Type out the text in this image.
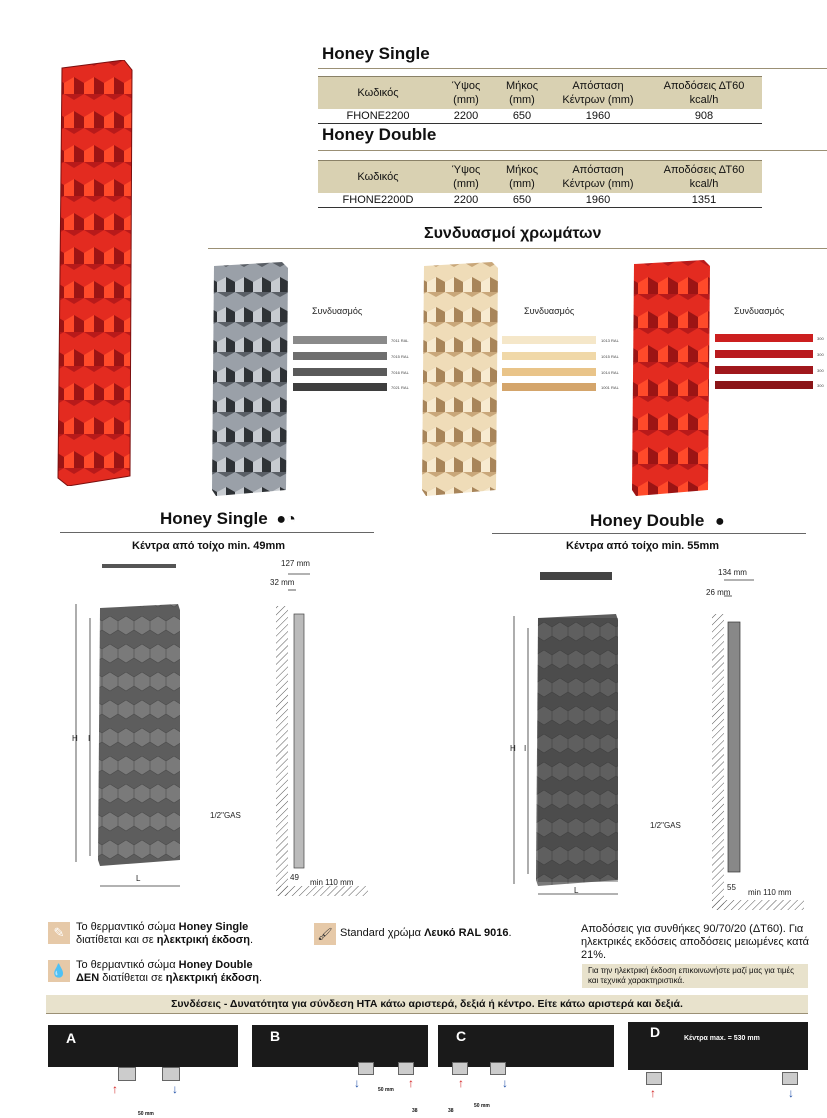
Honey Single
Κωδικός	Ύψος (mm)	Μήκος (mm)	Απόσταση Κέντρων (mm)	Αποδόσεις ΔΤ60 kcal/h
FHONE2200	2200	650	1960	908
Honey Double
Κωδικός	Ύψος (mm)	Μήκος (mm)	Απόσταση Κέντρων (mm)	Αποδόσεις ΔΤ60 kcal/h
FHONE2200D	2200	650	1960	1351
Συνδυασμοί χρωμάτων
Συνδυασμός
7011 RAL
7015 RAL
7016 RAL
7021 RAL
Συνδυασμός
1013 RAL
1015 RAL
1014 RAL
1001 RAL
Συνδυασμός
300
300
300
300
Honey Single ●◔
Κέντρα από τοίχο min. 49mm
Honey Double ●
Κέντρα από τοίχο min. 55mm
H I
L
127 mm
32 mm
1/2"GAS
49
min 110 mm
H I
L
134 mm
26 mm
1/2"GAS
55
min 110 mm
✎	Το θερμαντικό σώμα Honey Single
διατίθεται και σε ηλεκτρική έκδοση.
💧 Το θερμαντικό σώμα Honey Double
ΔΕΝ διατίθεται σε ηλεκτρική έκδοση.
🖌 Standard χρώμα Λευκό RAL 9016.	Αποδόσεις για συνθήκες 90/70/20 (ΔT60). Για ηλεκτρικές εκδόσεις αποδόσεις μειωμένες κατά 21%.
Για την ηλεκτρική έκδοση επικοινωνήστε μαζί μας για τιμές και τεχνικά χαρακτηριστικά.
Συνδέσεις - Δυνατότητα για σύνδεση ΗΤΑ κάτω αριστερά, δεξιά ή κέντρο. Είτε κάτω αριστερά και δεξιά.
A
↑	↓
50 mm
B
↓	↑
50 mm
38
C
↑	↓
50 mm
38
D	Κέντρα max. = 530 mm
↑	↓
